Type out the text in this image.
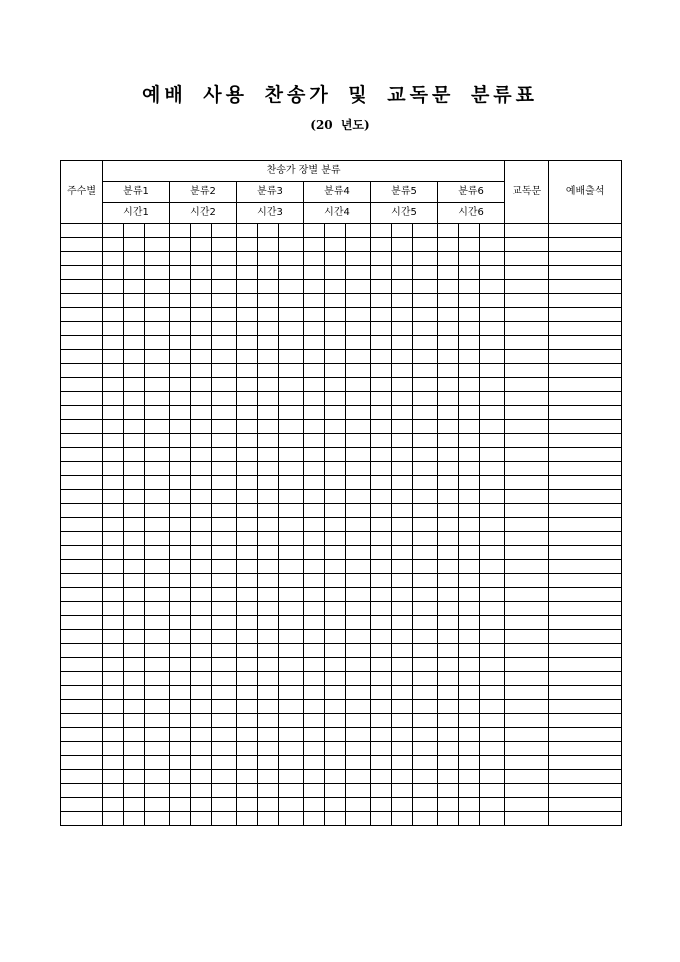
예배 사용 찬송가 및 교독문 분류표
(20 년도)
주수별	찬송가 장별 분류																		교독문	예배출석
	분류1			분류2			분류3			분류4			분류5			분류6				
	시간1			시간2			시간3			시간4			시간5			시간6				
